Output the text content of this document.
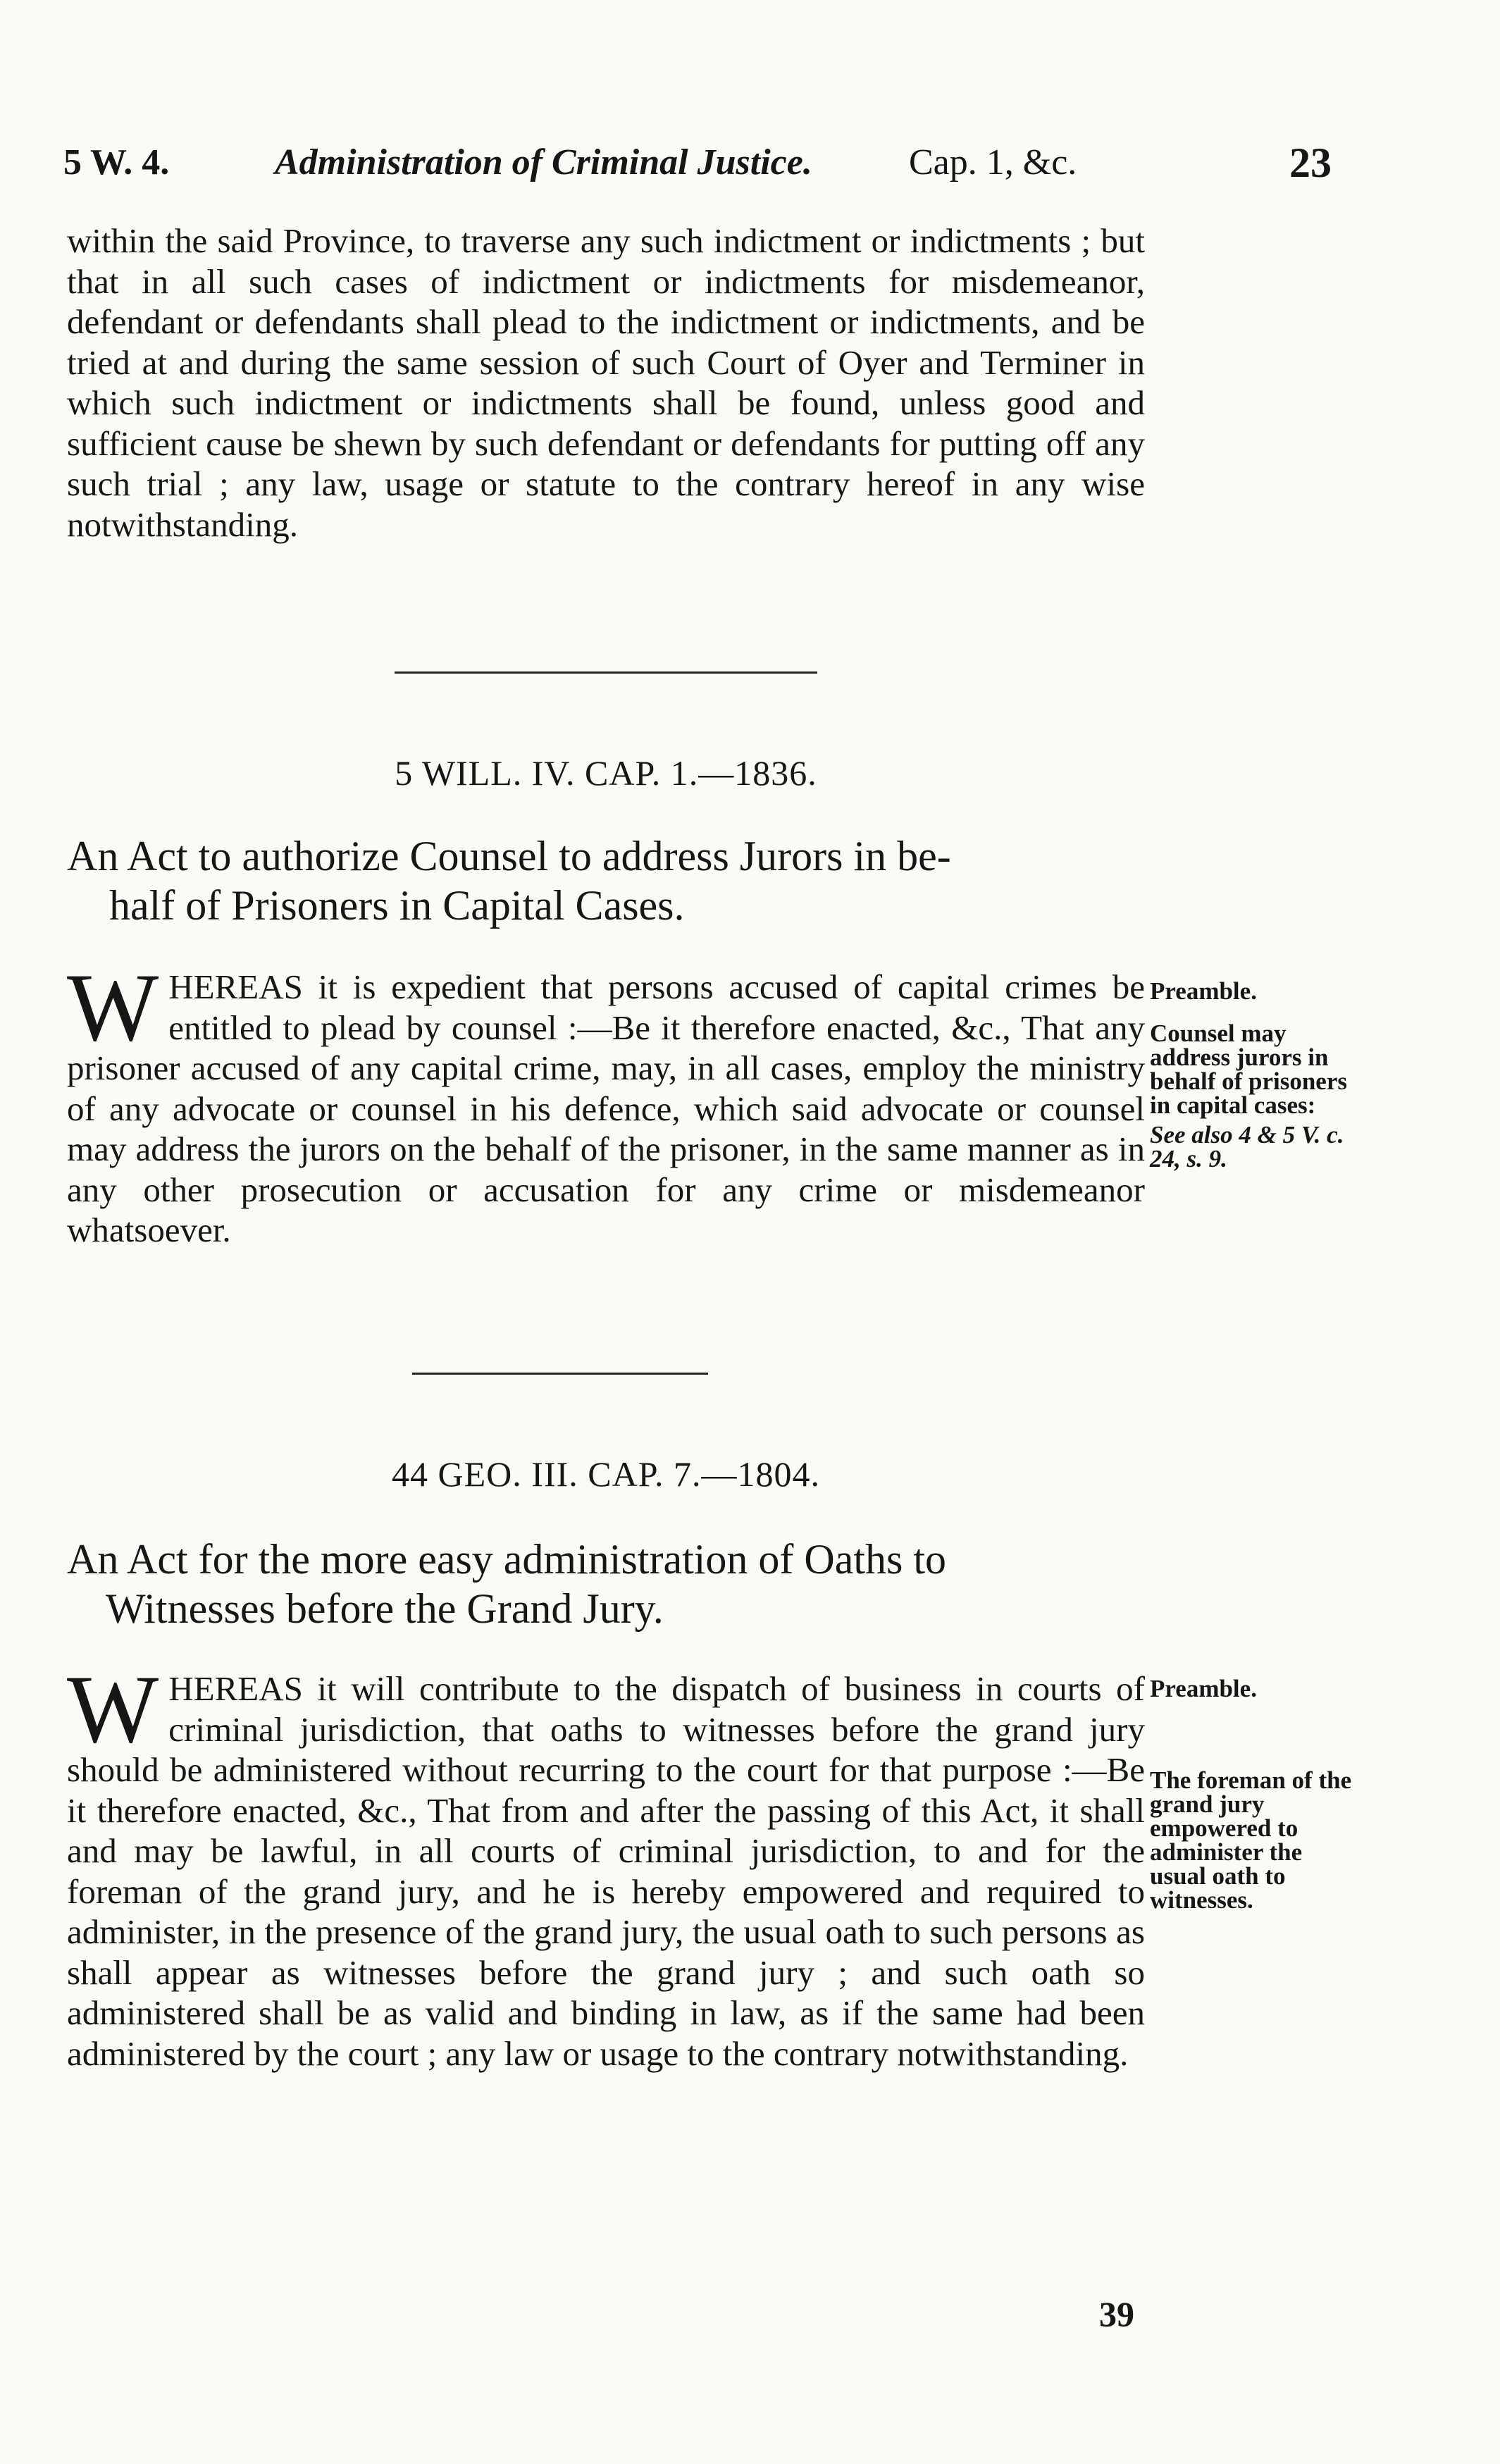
5 W. 4.	Administration of Criminal Justice.	Cap. 1, &c.	23

within the said Province, to traverse any such indictment or indictments ; but that in all such cases of indictment or indictments for misdemeanor, defendant or defendants shall plead to the indictment or indictments, and be tried at and during the same session of such Court of Oyer and Terminer in which such indictment or indictments shall be found, unless good and sufficient cause be shewn by such defendant or defendants for putting off any such trial ; any law, usage or statute to the contrary hereof in any wise notwithstanding.

5 WILL. IV. CAP. 1.—1836.
An Act to authorize Counsel to address Jurors in be-
half of Prisoners in Capital Cases.
WHEREAS it is expedient that persons accused of capital crimes be entitled to plead by counsel :—Be it therefore enacted, &c., That any prisoner accused of any capital crime, may, in all cases, employ the ministry of any advocate or counsel in his defence, which said advocate or counsel may address the jurors on the behalf of the prisoner, in the same manner as in any other prosecution or accusation for any crime or misdemeanor whatsoever.
Preamble.
Counsel may address jurors in behalf of prisoners in capital cases:
See also 4 & 5 V. c. 24, s. 9.
44 GEO. III. CAP. 7.—1804.
An Act for the more easy administration of Oaths to
Witnesses before the Grand Jury.
WHEREAS it will contribute to the dispatch of business in courts of criminal jurisdiction, that oaths to witnesses before the grand jury should be administered without recurring to the court for that purpose :—Be it therefore enacted, &c., That from and after the passing of this Act, it shall and may be lawful, in all courts of criminal jurisdiction, to and for the foreman of the grand jury, and he is hereby empowered and required to administer, in the presence of the grand jury, the usual oath to such persons as shall appear as witnesses before the grand jury ; and such oath so administered shall be as valid and binding in law, as if the same had been administered by the court ; any law or usage to the contrary notwithstanding.
Preamble.
The foreman of the grand jury empowered to administer the usual oath to witnesses.
39
